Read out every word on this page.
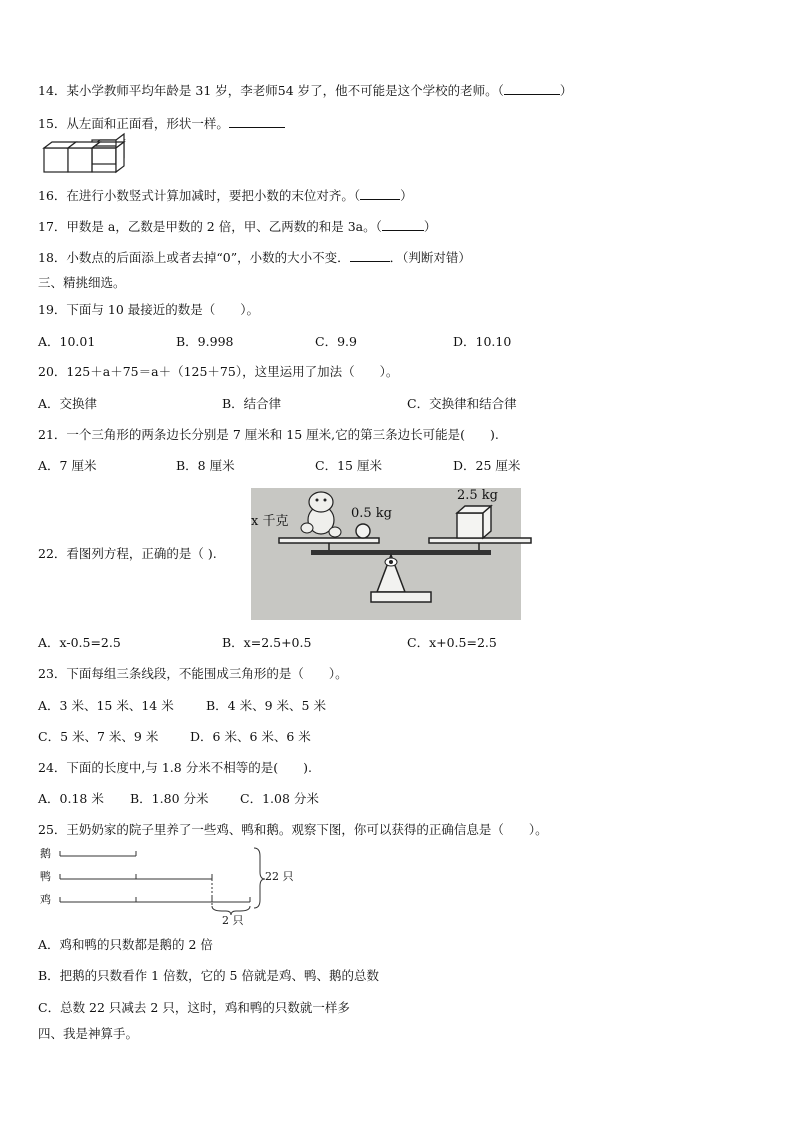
14．某小学教师平均年龄是 31 岁，李老师54 岁了，他不可能是这个学校的老师。（	）
15．从左面和正面看，形状一样。
16．在进行小数竖式计算加减时，要把小数的末位对齐。（	）
17．甲数是 a，乙数是甲数的 2 倍，甲、乙两数的和是 3a。（	）
18．小数点的后面添上或者去掉“0”，小数的大小不变．	．（判断对错）
三、精挑细选。
19．下面与 10 最接近的数是（　　）。
A．10.01	B．9.998	C．9.9	D．10.10
20．125＋a＋75＝a＋（125＋75），这里运用了加法（　　）。
A．交换律	B．结合律	C．交换律和结合律
21．一个三角形的两条边长分别是 7 厘米和 15 厘米,它的第三条边长可能是(　　).
A．7 厘米	B．8 厘米	C．15 厘米	D．25 厘米
22．看图列方程，正确的是（ ).
x 千克
0.5 kg
2.5 kg
A．x-0.5=2.5	B．x=2.5+0.5	C．x+0.5=2.5
23．下面每组三条线段，不能围成三角形的是（　　）。
A．3 米、15 米、14 米	B．4 米、9 米、5 米
C．5 米、7 米、9 米	D．6 米、6 米、6 米
24．下面的长度中,与 1.8 分米不相等的是(　　).
A．0.18 米 B．1.80 分米	C．1.08 分米
25．王奶奶家的院子里养了一些鸡、鸭和鹅。观察下图，你可以获得的正确信息是（　　）。
鹅
鸭
鸡
22 只
2 只
A．鸡和鸭的只数都是鹅的 2 倍
B．把鹅的只数看作 1 倍数，它的 5 倍就是鸡、鸭、鹅的总数
C．总数 22 只减去 2 只，这时，鸡和鸭的只数就一样多
四、我是神算手。
